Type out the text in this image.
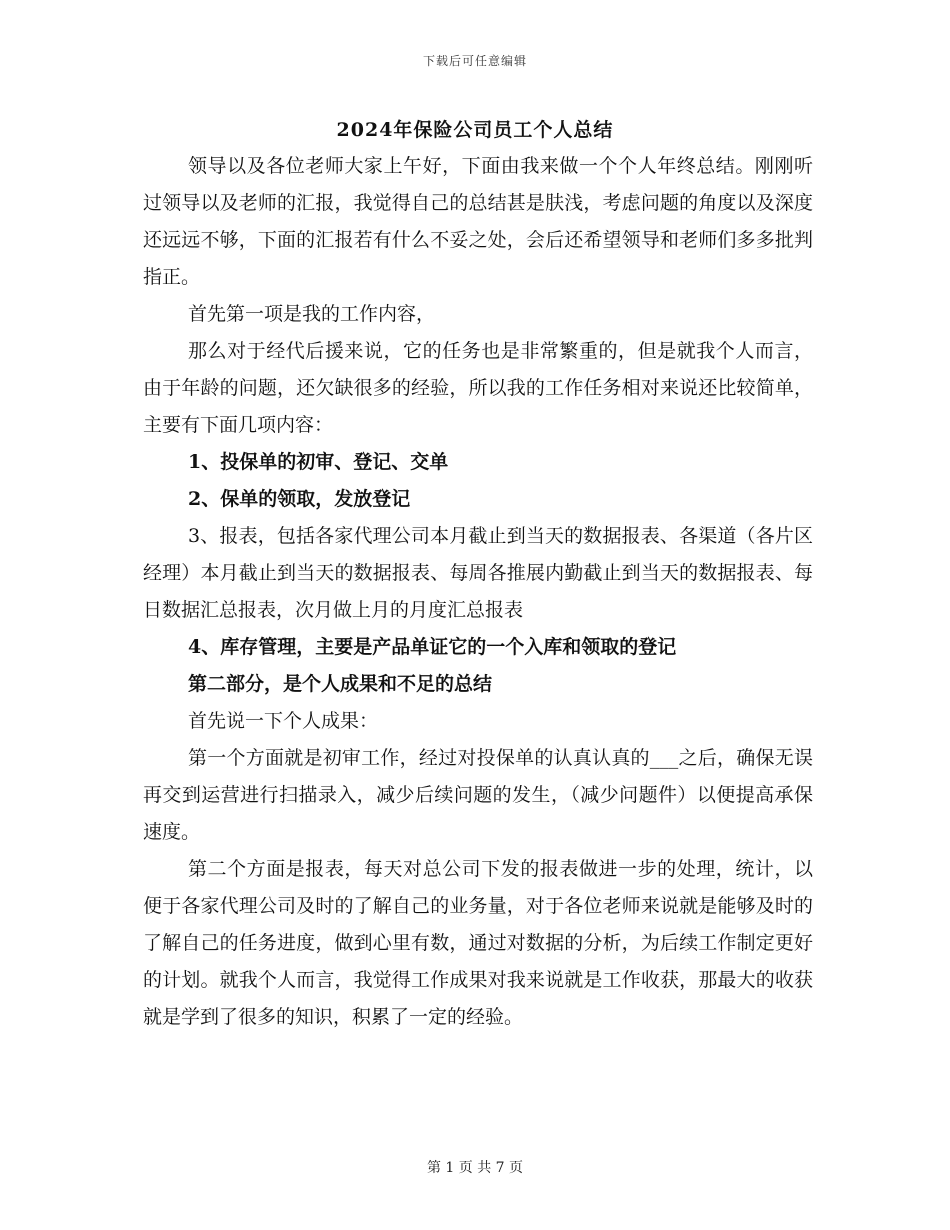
下载后可任意编辑
2024年保险公司员工个人总结

领导以及各位老师大家上午好，下面由我来做一个个人年终总结。刚刚听过领导以及老师的汇报，我觉得自己的总结甚是肤浅，考虑问题的角度以及深度还远远不够，下面的汇报若有什么不妥之处，会后还希望领导和老师们多多批判指正。

首先第一项是我的工作内容，

那么对于经代后援来说，它的任务也是非常繁重的，但是就我个人而言，由于年龄的问题，还欠缺很多的经验，所以我的工作任务相对来说还比较简单，主要有下面几项内容：

1、投保单的初审、登记、交单

2、保单的领取，发放登记

3、报表，包括各家代理公司本月截止到当天的数据报表、各渠道（各片区经理）本月截止到当天的数据报表、每周各推展内勤截止到当天的数据报表、每日数据汇总报表，次月做上月的月度汇总报表

4、库存管理，主要是产品单证它的一个入库和领取的登记

第二部分，是个人成果和不足的总结

首先说一下个人成果：

第一个方面就是初审工作，经过对投保单的认真认真的___之后，确保无误再交到运营进行扫描录入，减少后续问题的发生，（减少问题件）以便提高承保速度。

第二个方面是报表，每天对总公司下发的报表做进一步的处理，统计，以便于各家代理公司及时的了解自己的业务量，对于各位老师来说就是能够及时的了解自己的任务进度，做到心里有数，通过对数据的分析，为后续工作制定更好的计划。就我个人而言，我觉得工作成果对我来说就是工作收获，那最大的收获就是学到了很多的知识，积累了一定的经验。

第 1 页 共 7 页
